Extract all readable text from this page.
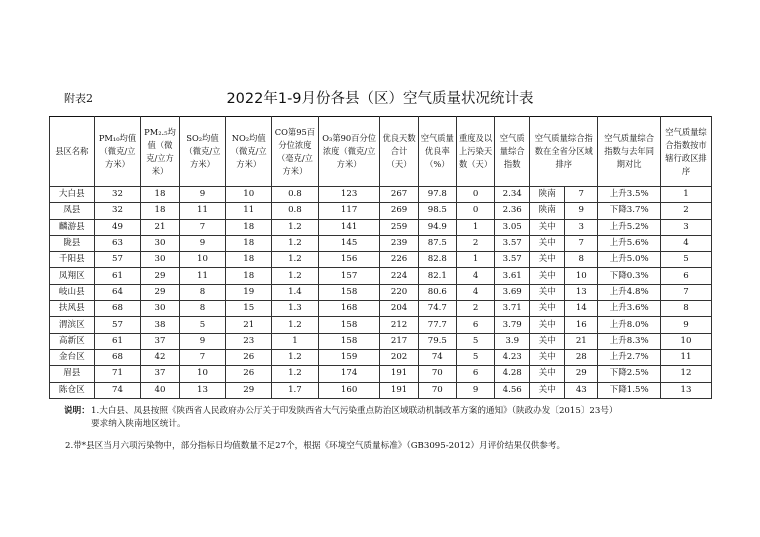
附表2	2022年1-9月份各县（区）空气质量状况统计表
县区名称	PM₁₀均值（微克/立方米）	PM₂.₅均值（微克/立方米）	SO₂均值（微克/立方米）	NO₂均值（微克/立方米）	CO第95百分位浓度（毫克/立方米）	O₃第90百分位浓度（微克/立方米）	优良天数合计（天）	空气质量优良率（%）	重度及以上污染天数（天）	空气质量综合指数	空气质量综合指数在全省分区域排序		空气质量综合指数与去年同期对比	空气质量综合指数按市辖行政区排序
大白县	32	18	9	10	0.8	123	267	97.8	0	2.34	陕南	7	上升3.5%	1
凤县	32	18	11	11	0.8	117	269	98.5	0	2.36	陕南	9	下降3.7%	2
麟游县	49	21	7	18	1.2	141	259	94.9	1	3.05	关中	3	上升5.2%	3
陇县	63	30	9	18	1.2	145	239	87.5	2	3.57	关中	7	上升5.6%	4
千阳县	57	30	10	18	1.2	156	226	82.8	1	3.57	关中	8	上升5.0%	5
凤翔区	61	29	11	18	1.2	157	224	82.1	4	3.61	关中	10	下降0.3%	6
岐山县	64	29	8	19	1.4	158	220	80.6	4	3.69	关中	13	上升4.8%	7
扶风县	68	30	8	15	1.3	168	204	74.7	2	3.71	关中	14	上升3.6%	8
渭滨区	57	38	5	21	1.2	158	212	77.7	6	3.79	关中	16	上升8.0%	9
高新区	61	37	9	23	1	158	217	79.5	5	3.9	关中	21	上升8.3%	10
金台区	68	42	7	26	1.2	159	202	74	5	4.23	关中	28	上升2.7%	11
眉县	71	37	10	26	1.2	174	191	70	6	4.28	关中	29	下降2.5%	12
陈仓区	74	40	13	29	1.7	160	191	70	9	4.56	关中	43	下降1.5%	13
说明： 1.大白县、凤县按照《陕西省人民政府办公厅关于印发陕西省大气污染重点防治区域联动机制改革方案的通知》（陕政办发〔2015〕23号）
要求纳入陕南地区统计。
2.带*县区当月六项污染物中，部分指标日均值数量不足27个，根据《环境空气质量标准》（GB3095-2012）月评价结果仅供参考。
